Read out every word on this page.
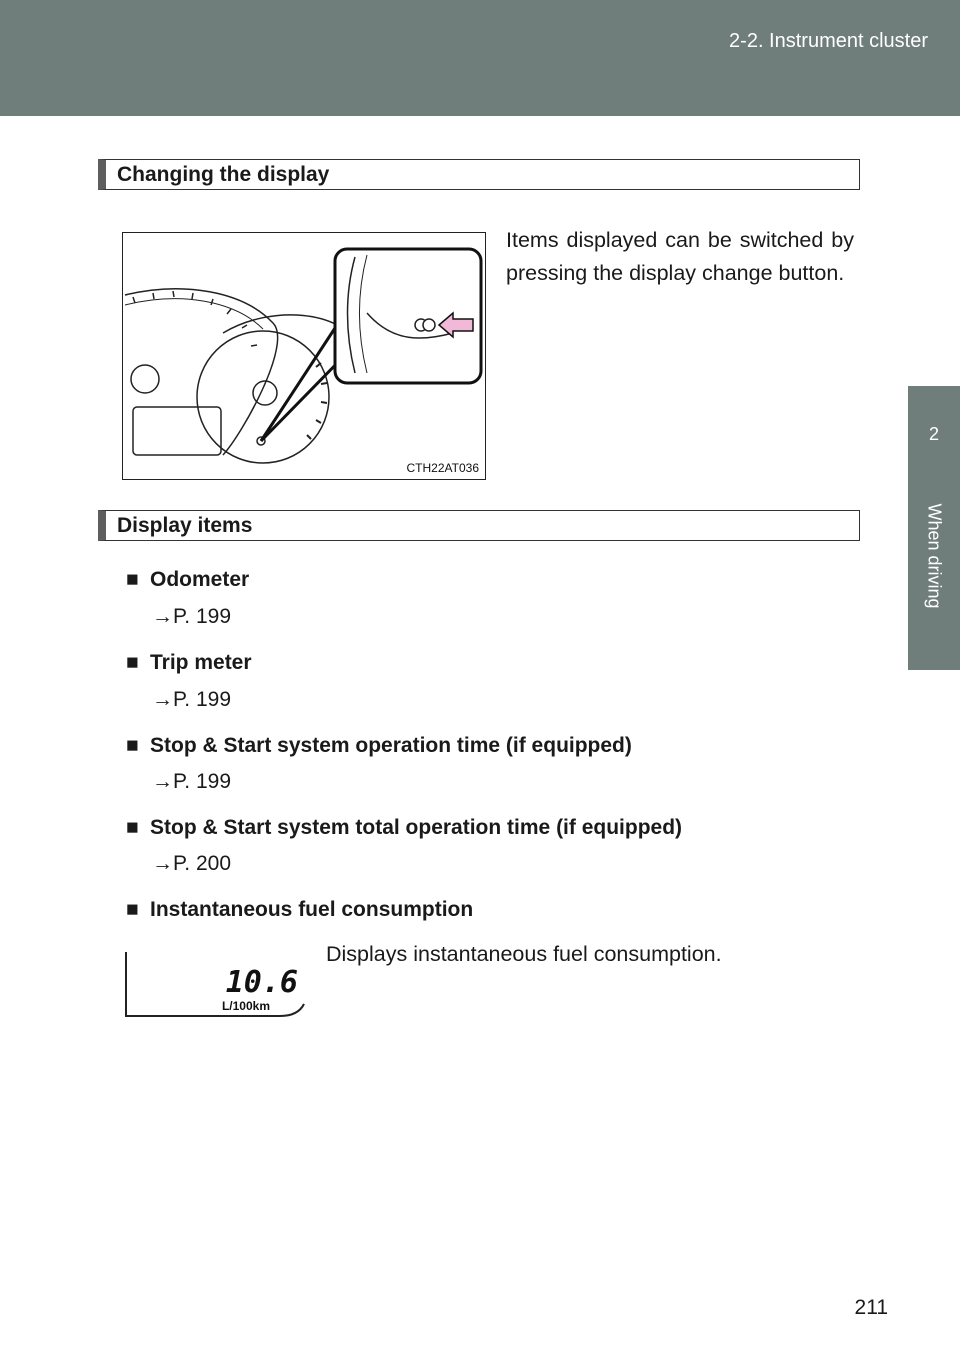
2-2. Instrument cluster
2
When driving
Changing the display
CTH22AT036
Items displayed can be switched by pressing the display change button.
Display items
■ Odometer
→P. 199
■ Trip meter
→P. 199
■ Stop & Start system operation time (if equipped)
→P. 199
■ Stop & Start system total operation time (if equipped)
→P. 200
■ Instantaneous fuel consumption
10.6
L/100km
Displays instantaneous fuel consumption.
211
